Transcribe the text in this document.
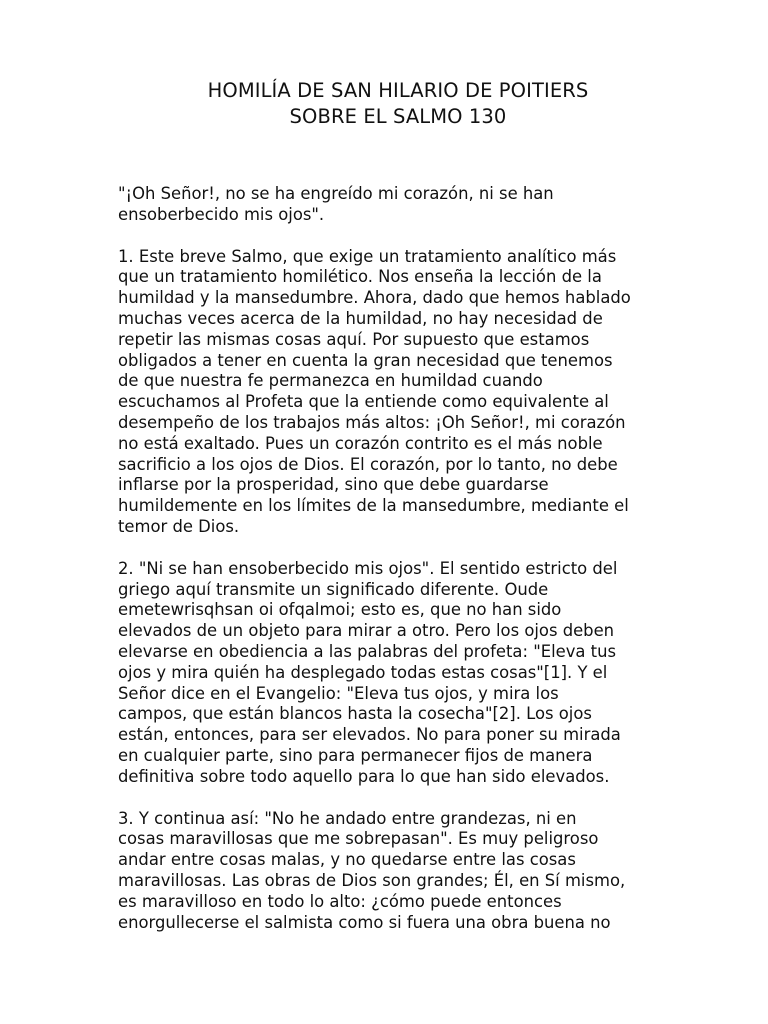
HOMILÍA DE SAN HILARIO DE POITIERS
SOBRE EL SALMO 130

"¡Oh Señor!, no se ha engreído mi corazón, ni se han
ensoberbecido mis ojos".

1. Este breve Salmo, que exige un tratamiento analítico más
que un tratamiento homilético. Nos enseña la lección de la
humildad y la mansedumbre. Ahora, dado que hemos hablado
muchas veces acerca de la humildad, no hay necesidad de
repetir las mismas cosas aquí. Por supuesto que estamos
obligados a tener en cuenta la gran necesidad que tenemos
de que nuestra fe permanezca en humildad cuando
escuchamos al Profeta que la entiende como equivalente al
desempeño de los trabajos más altos: ¡Oh Señor!, mi corazón
no está exaltado. Pues un corazón contrito es el más noble
sacrificio a los ojos de Dios. El corazón, por lo tanto, no debe
inflarse por la prosperidad, sino que debe guardarse
humildemente en los límites de la mansedumbre, mediante el
temor de Dios.

2. "Ni se han ensoberbecido mis ojos". El sentido estricto del
griego aquí transmite un significado diferente. Oude
emetewrisqhsan oi ofqalmoi; esto es, que no han sido
elevados de un objeto para mirar a otro. Pero los ojos deben
elevarse en obediencia a las palabras del profeta: "Eleva tus
ojos y mira quién ha desplegado todas estas cosas"[1]. Y el
Señor dice en el Evangelio: "Eleva tus ojos, y mira los
campos, que están blancos hasta la cosecha"[2]. Los ojos
están, entonces, para ser elevados. No para poner su mirada
en cualquier parte, sino para permanecer fijos de manera
definitiva sobre todo aquello para lo que han sido elevados.

3. Y continua así: "No he andado entre grandezas, ni en
cosas maravillosas que me sobrepasan". Es muy peligroso
andar entre cosas malas, y no quedarse entre las cosas
maravillosas. Las obras de Dios son grandes; Él, en Sí mismo,
es maravilloso en todo lo alto: ¿cómo puede entonces
enorgullecerse el salmista como si fuera una obra buena no
